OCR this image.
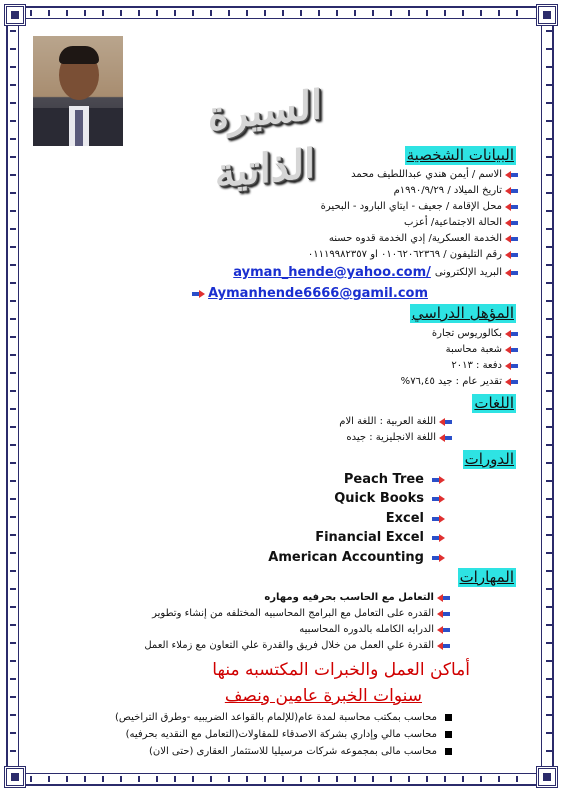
السيرة الذاتية	البيانات الشخصية
الاسم / أيمن هندي عبداللطيف محمد
تاريخ الميلاد / ١٩٩٠/٩/٢٩م
محل الإقامة / جعيف - ايتاي البارود - البحيرة
الحالة الاجتماعية/ أعزب
الخدمة العسكرية/ إدي الخدمة قدوه حسنه
رقم التليفون / ٠١٠٦٢٠٦٢٣٦٩ او ٠١١١٩٩٨٢٣٥٧
البريد الإلكترونى
ayman_hende@yahoo.com/
Aymanhende6666@gamil.com
المؤهل الدراسي
بكالوريوس تجارة
شعبة محاسبة
دفعة : ٢٠١٣
تقدير عام : جيد ٧٦,٤٥%
اللغات
اللغة العربية : اللغة الام
اللغة الانجليزية : جيده
الدورات
Peach Tree
Quick Books
Excel
Financial Excel
American Accounting
المهارات
التعامل مع الحاسب بحرفيه ومهاره
القدره على التعامل مع البرامج المحاسبيه المختلفه من إنشاء وتطوير
الدرايه الكامله بالدوره المحاسبيه
القدرة علي العمل من خلال فريق والقدرة علي التعاون مع زملاء العمل
أماكن العمل والخبرات المكتسبه منها
سنوات الخبرة عامين ونصف
محاسب بمكتب محاسبة لمدة عام(للإلمام بالقواعد الضريبيه -وطرق التراخيص)
محاسب مالي وإداري بشركة الاصدقاء للمقاولات(التعامل مع النقديه بحرفيه)
محاسب مالى بمجموعه شركات مرسيليا للاستثمار العقارى (حتى الان)
